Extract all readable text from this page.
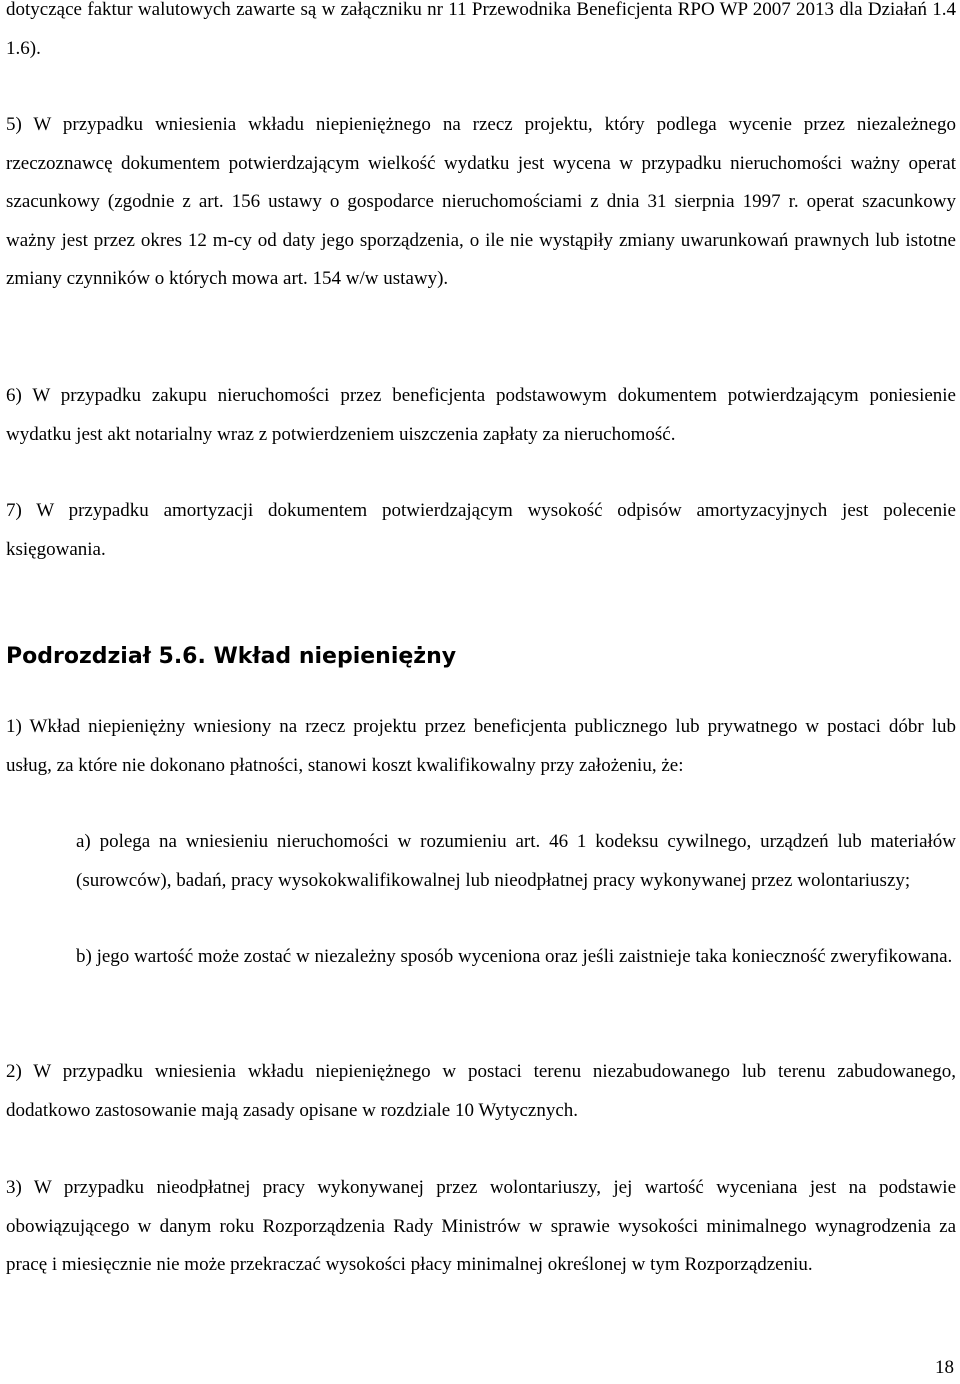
dotyczące faktur walutowych zawarte są w załączniku nr 11 Przewodnika Beneficjenta RPO WP 2007 2013 dla Działań 1.4 1.6).

5) W przypadku wniesienia wkładu niepieniężnego na rzecz projektu, który podlega wycenie przez niezależnego rzeczoznawcę dokumentem potwierdzającym wielkość wydatku jest wycena w przypadku nieruchomości ważny operat szacunkowy (zgodnie z art. 156 ustawy o gospodarce nieruchomościami z dnia 31 sierpnia 1997 r. operat szacunkowy ważny jest przez okres 12 m-cy od daty jego sporządzenia, o ile nie wystąpiły zmiany uwarunkowań prawnych lub istotne zmiany czynników o których mowa art. 154 w/w ustawy).

6) W przypadku zakupu nieruchomości przez beneficjenta podstawowym dokumentem potwierdzającym poniesienie wydatku jest akt notarialny wraz z potwierdzeniem uiszczenia zapłaty za nieruchomość.

7) W przypadku amortyzacji dokumentem potwierdzającym wysokość odpisów amortyzacyjnych jest polecenie księgowania.

Podrozdział 5.6. Wkład niepieniężny

1) Wkład niepieniężny wniesiony na rzecz projektu przez beneficjenta publicznego lub prywatnego w postaci dóbr lub usług, za które nie dokonano płatności, stanowi koszt kwalifikowalny przy założeniu, że:

a) polega na wniesieniu nieruchomości w rozumieniu art. 46 1 kodeksu cywilnego, urządzeń lub materiałów (surowców), badań, pracy wysokokwalifikowalnej lub nieodpłatnej pracy wykonywanej przez wolontariuszy;

b) jego wartość może zostać w niezależny sposób wyceniona oraz jeśli zaistnieje taka konieczność zweryfikowana.

2) W przypadku wniesienia wkładu niepieniężnego w postaci terenu niezabudowanego lub terenu zabudowanego, dodatkowo zastosowanie mają zasady opisane w rozdziale 10 Wytycznych.

3) W przypadku nieodpłatnej pracy wykonywanej przez wolontariuszy, jej wartość wyceniana jest na podstawie obowiązującego w danym roku Rozporządzenia Rady Ministrów w sprawie wysokości minimalnego wynagrodzenia za pracę i miesięcznie nie może przekraczać wysokości płacy minimalnej określonej w tym Rozporządzeniu.

18
